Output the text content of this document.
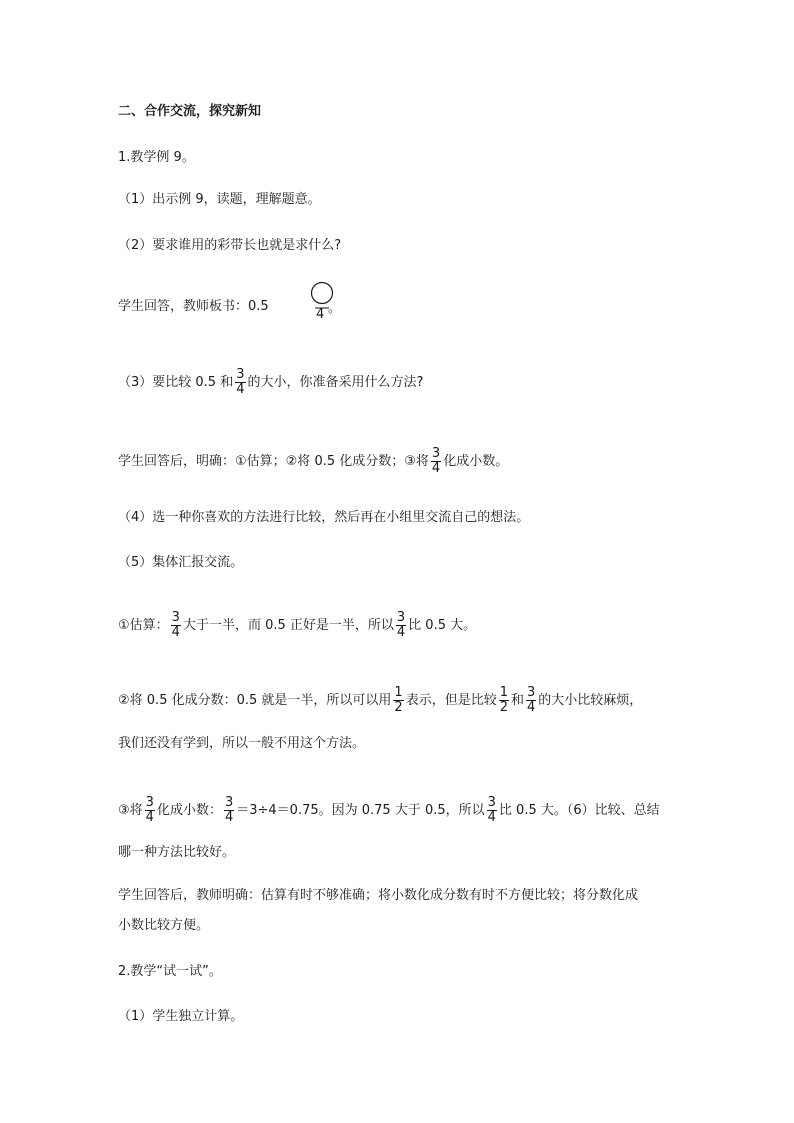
二、合作交流，探究新知
1.教学例 9。
（1）出示例 9，读题，理解题意。
（2）要求谁用的彩带长也就是求什么?
学生回答，教师板书：0.5
4 。
（3）要比较 0.5 和 $\frac{3}{4}$ 的大小，你准备采用什么方法?
学生回答后，明确：①估算；②将 0.5 化成分数；③将 $\frac{3}{4}$ 化成小数。
（4）选一种你喜欢的方法进行比较，然后再在小组里交流自己的想法。
（5）集体汇报交流。
①估算： $\frac{3}{4}$ 大于一半，而 0.5 正好是一半，所以 $\frac{3}{4}$ 比 0.5 大。
②将 0.5 化成分数：0.5 就是一半，所以可以用 $\frac{1}{2}$ 表示，但是比较 $\frac{1}{2}$ 和 $\frac{3}{4}$ 的大小比较麻烦，
我们还没有学到，所以一般不用这个方法。
③将 $\frac{3}{4}$ 化成小数： $\frac{3}{4} =3\div 4=0.75$。因为 0.75 大于 0.5，所以 $\frac{3}{4}$ 比 0.5 大。（6）比较、总结
哪一种方法比较好。
学生回答后，教师明确：估算有时不够准确；将小数化成分数有时不方便比较；将分数化成
小数比较方便。
2.教学“试一试”。
（1）学生独立计算。
